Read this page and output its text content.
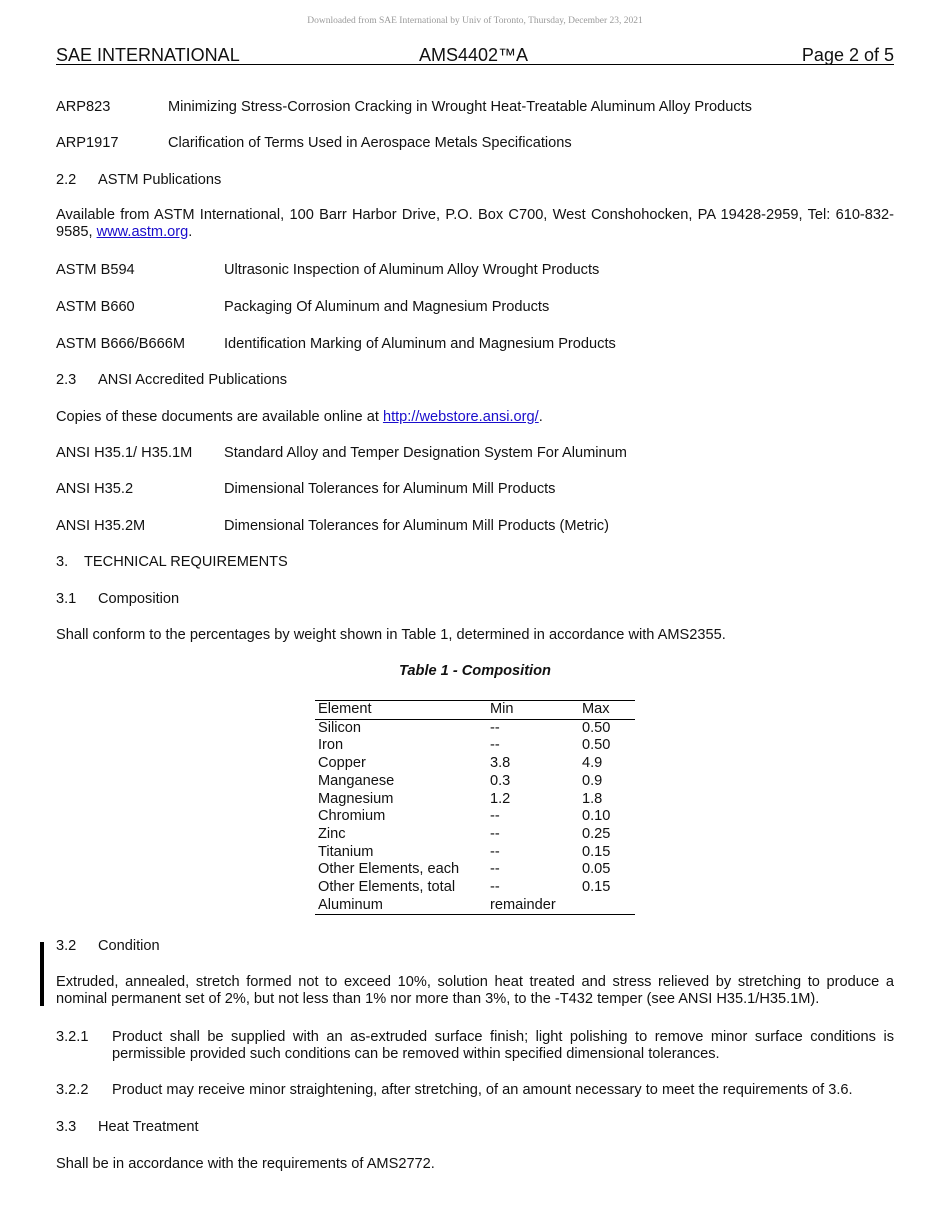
Downloaded from SAE International by Univ of Toronto, Thursday, December 23, 2021
SAE INTERNATIONAL	AMS4402™A	Page 2 of 5
ARP823	Minimizing Stress-Corrosion Cracking in Wrought Heat-Treatable Aluminum Alloy Products
ARP1917	Clarification of Terms Used in Aerospace Metals Specifications
2.2 ASTM Publications
Available from ASTM International, 100 Barr Harbor Drive, P.O. Box C700, West Conshohocken, PA 19428-2959, Tel: 610-832-9585, www.astm.org.
ASTM B594	Ultrasonic Inspection of Aluminum Alloy Wrought Products
ASTM B660	Packaging Of Aluminum and Magnesium Products
ASTM B666/B666M	Identification Marking of Aluminum and Magnesium Products
2.3 ANSI Accredited Publications
Copies of these documents are available online at http://webstore.ansi.org/.
ANSI H35.1/ H35.1M Standard Alloy and Temper Designation System For Aluminum
ANSI H35.2	Dimensional Tolerances for Aluminum Mill Products
ANSI H35.2M	Dimensional Tolerances for Aluminum Mill Products (Metric)
3. TECHNICAL REQUIREMENTS
3.1 Composition
Shall conform to the percentages by weight shown in Table 1, determined in accordance with AMS2355.
Table 1 - Composition
Element	Min	Max
Silicon	--	0.50
Iron	--	0.50
Copper	3.8	4.9
Manganese	0.3	0.9
Magnesium	1.2	1.8
Chromium	--	0.10
Zinc	--	0.25
Titanium	--	0.15
Other Elements, each	--	0.05
Other Elements, total	--	0.15
Aluminum	remainder	
3.2 Condition
Extruded, annealed, stretch formed not to exceed 10%, solution heat treated and stress relieved by stretching to produce a nominal permanent set of 2%, but not less than 1% nor more than 3%, to the -T432 temper (see ANSI H35.1/H35.1M).
3.2.1 Product shall be supplied with an as-extruded surface finish; light polishing to remove minor surface conditions is permissible provided such conditions can be removed within specified dimensional tolerances.
3.2.2 Product may receive minor straightening, after stretching, of an amount necessary to meet the requirements of 3.6.
3.3 Heat Treatment
Shall be in accordance with the requirements of AMS2772.
